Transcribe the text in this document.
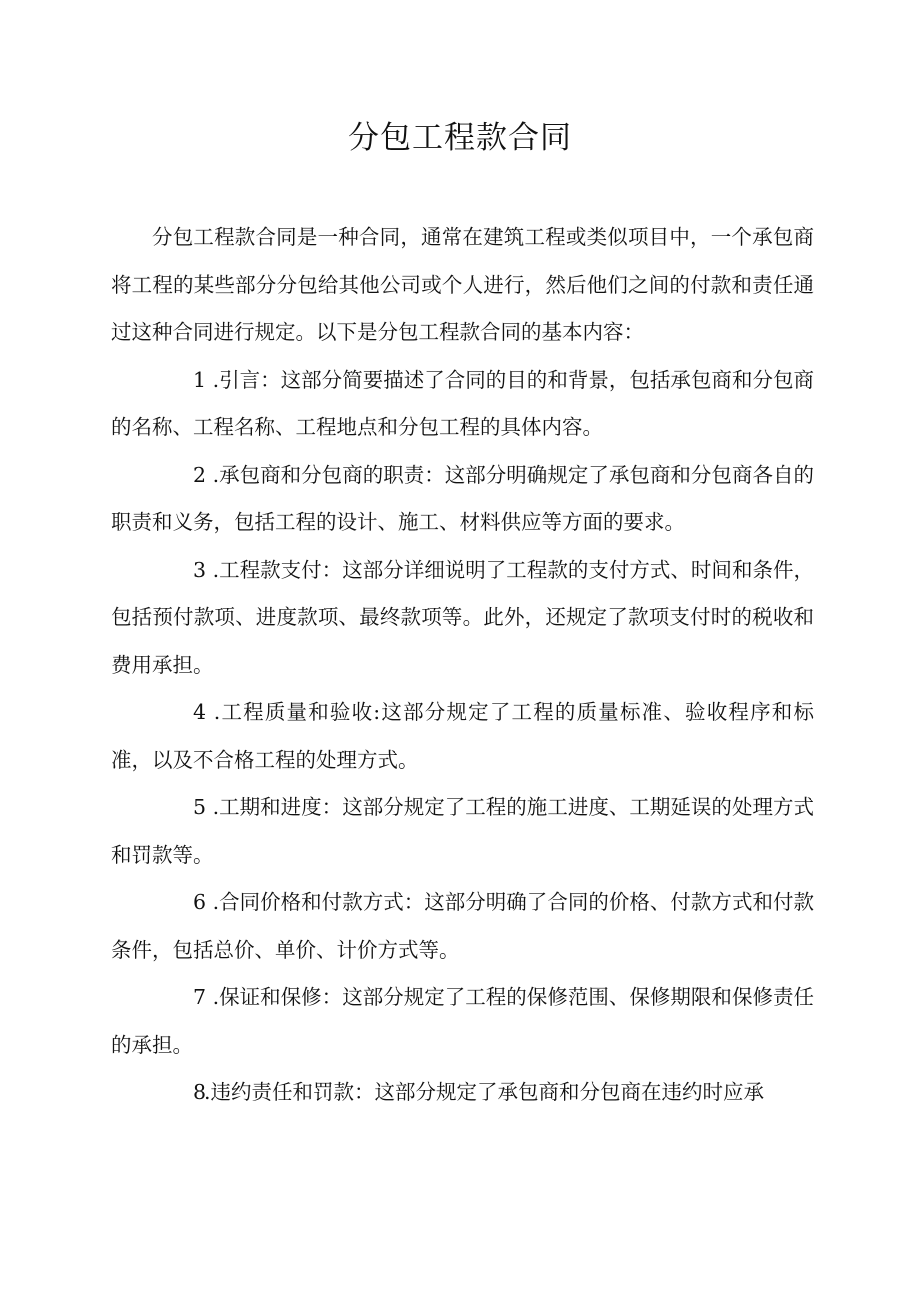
分包工程款合同

分包工程款合同是一种合同，通常在建筑工程或类似项目中，一个承包商将工程的某些部分分包给其他公司或个人进行，然后他们之间的付款和责任通过这种合同进行规定。以下是分包工程款合同的基本内容：

1 .引言：这部分简要描述了合同的目的和背景，包括承包商和分包商的名称、工程名称、工程地点和分包工程的具体内容。

2 .承包商和分包商的职责：这部分明确规定了承包商和分包商各自的职责和义务，包括工程的设计、施工、材料供应等方面的要求。

3 .工程款支付：这部分详细说明了工程款的支付方式、时间和条件，包括预付款项、进度款项、最终款项等。此外，还规定了款项支付时的税收和费用承担。

4 .工程质量和验收:这部分规定了工程的质量标准、验收程序和标准，以及不合格工程的处理方式。

5 .工期和进度：这部分规定了工程的施工进度、工期延误的处理方式和罚款等。

6 .合同价格和付款方式：这部分明确了合同的价格、付款方式和付款条件，包括总价、单价、计价方式等。

7 .保证和保修：这部分规定了工程的保修范围、保修期限和保修责任的承担。

8.违约责任和罚款：这部分规定了承包商和分包商在违约时应承
